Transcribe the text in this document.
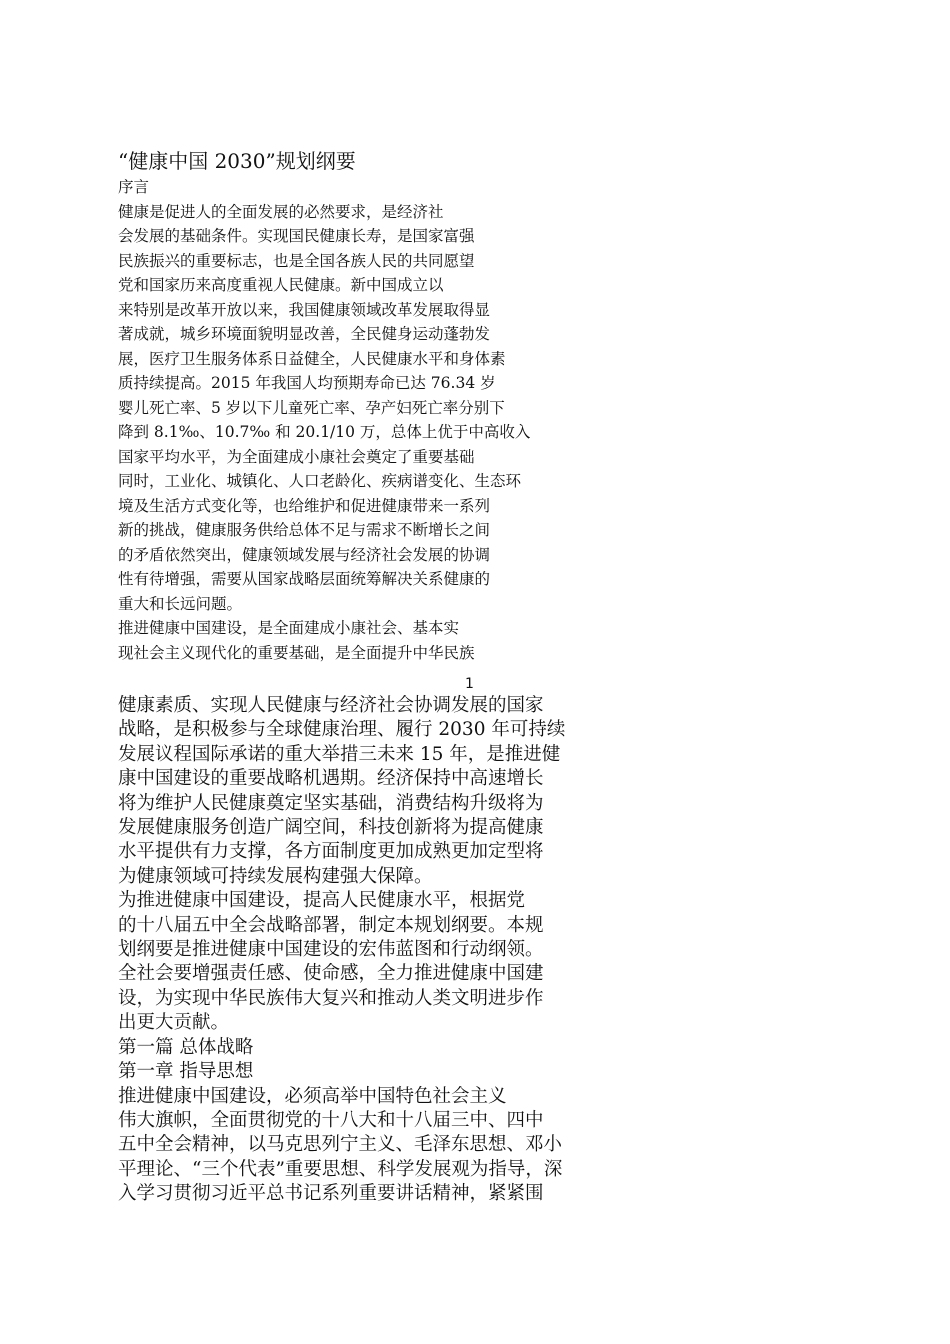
“健康中国 2030”规划纲要
序言
健康是促进人的全面发展的必然要求，是经济社
会发展的基础条件。实现国民健康长寿，是国家富强
民族振兴的重要标志，也是全国各族人民的共同愿望
党和国家历来高度重视人民健康。新中国成立以
来特别是改革开放以来，我国健康领域改革发展取得显
著成就，城乡环境面貌明显改善，全民健身运动蓬勃发
展，医疗卫生服务体系日益健全，人民健康水平和身体素
质持续提高。2015 年我国人均预期寿命已达 76.34 岁
婴儿死亡率、5 岁以下儿童死亡率、孕产妇死亡率分别下
降到 8.1‰、10.7‰ 和 20.1/10 万，总体上优于中高收入
国家平均水平，为全面建成小康社会奠定了重要基础
同时，工业化、城镇化、人口老龄化、疾病谱变化、生态环
境及生活方式变化等，也给维护和促进健康带来一系列
新的挑战，健康服务供给总体不足与需求不断增长之间
的矛盾依然突出，健康领域发展与经济社会发展的协调
性有待增强，需要从国家战略层面统筹解决关系健康的
重大和长远问题。
推进健康中国建设，是全面建成小康社会、基本实
现社会主义现代化的重要基础，是全面提升中华民族
1
健康素质、实现人民健康与经济社会协调发展的国家
战略，是积极参与全球健康治理、履行 2030 年可持续
发展议程国际承诺的重大举措三未来 15 年，是推进健
康中国建设的重要战略机遇期。经济保持中高速增长
将为维护人民健康奠定坚实基础，消费结构升级将为
发展健康服务创造广阔空间，科技创新将为提高健康
水平提供有力支撑，各方面制度更加成熟更加定型将
为健康领域可持续发展构建强大保障。
为推进健康中国建设，提高人民健康水平，根据党
的十八届五中全会战略部署，制定本规划纲要。本规
划纲要是推进健康中国建设的宏伟蓝图和行动纲领。
全社会要增强责任感、使命感，全力推进健康中国建
设，为实现中华民族伟大复兴和推动人类文明进步作
出更大贡献。
第一篇 总体战略
第一章 指导思想
推进健康中国建设，必须高举中国特色社会主义
伟大旗帜，全面贯彻党的十八大和十八届三中、四中
五中全会精神，以马克思列宁主义、毛泽东思想、邓小
平理论、“三个代表”重要思想、科学发展观为指导，深
入学习贯彻习近平总书记系列重要讲话精神，紧紧围
